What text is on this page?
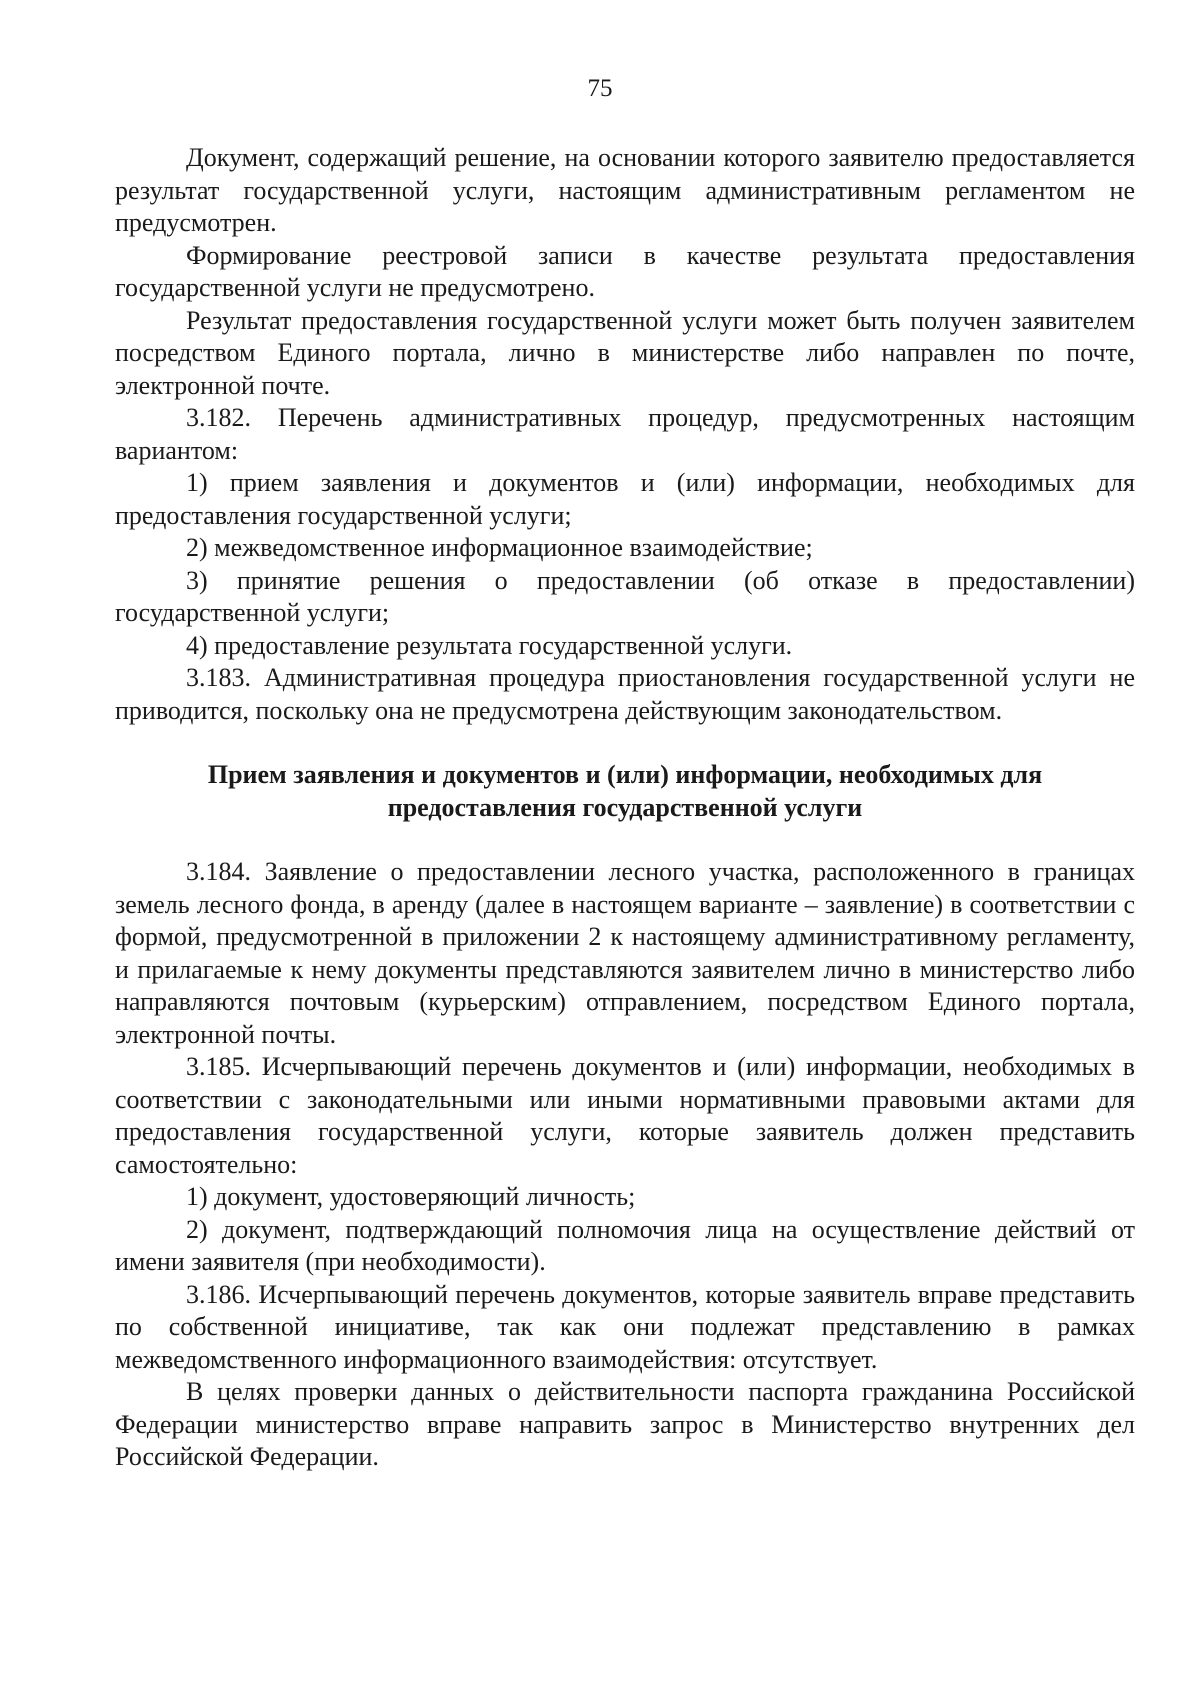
75

Документ, содержащий решение, на основании которого заявителю предоставляется результат государственной услуги, настоящим административным регламентом не предусмотрен.

Формирование реестровой записи в качестве результата предоставления государственной услуги не предусмотрено.

Результат предоставления государственной услуги может быть получен заявителем посредством Единого портала, лично в министерстве либо направлен по почте, электронной почте.

3.182. Перечень административных процедур, предусмотренных настоящим вариантом:

1) прием заявления и документов и (или) информации, необходимых для предоставления государственной услуги;

2) межведомственное информационное взаимодействие;

3) принятие решения о предоставлении (об отказе в предоставлении) государственной услуги;

4) предоставление результата государственной услуги.

3.183. Административная процедура приостановления государственной услуги не приводится, поскольку она не предусмотрена действующим законодательством.

Прием заявления и документов и (или) информации, необходимых для предоставления государственной услуги

3.184. Заявление о предоставлении лесного участка, расположенного в границах земель лесного фонда, в аренду (далее в настоящем варианте – заявление) в соответствии с формой, предусмотренной в приложении 2 к настоящему административному регламенту, и прилагаемые к нему документы представляются заявителем лично в министерство либо направляются почтовым (курьерским) отправлением, посредством Единого портала, электронной почты.

3.185. Исчерпывающий перечень документов и (или) информации, необходимых в соответствии с законодательными или иными нормативными правовыми актами для предоставления государственной услуги, которые заявитель должен представить самостоятельно:

1) документ, удостоверяющий личность;

2) документ, подтверждающий полномочия лица на осуществление действий от имени заявителя (при необходимости).

3.186. Исчерпывающий перечень документов, которые заявитель вправе представить по собственной инициативе, так как они подлежат представлению в рамках межведомственного информационного взаимодействия: отсутствует.

В целях проверки данных о действительности паспорта гражданина Российской Федерации министерство вправе направить запрос в Министерство внутренних дел Российской Федерации.
